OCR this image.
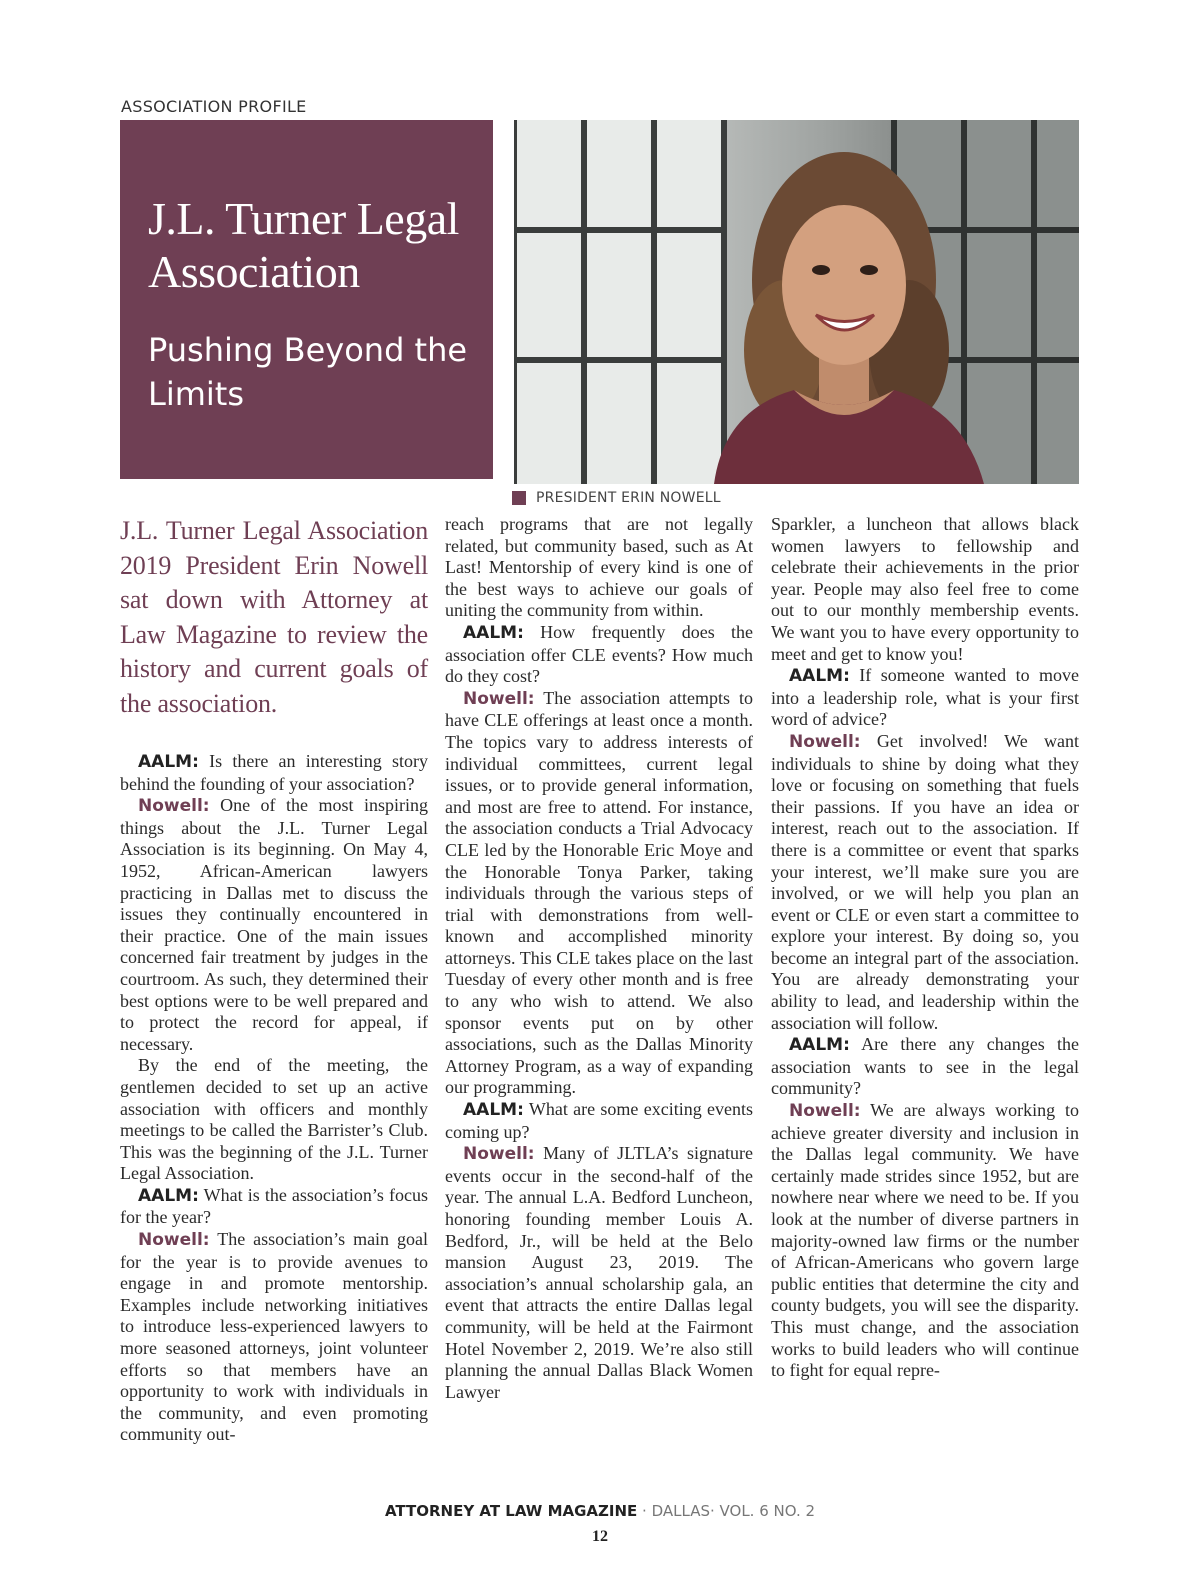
ASSOCIATION PROFILE
J.L. Turner Legal Association
Pushing Beyond the Limits
PRESIDENT ERIN NOWELL

J.L. Turner Legal Association 2019 President Erin Nowell sat down with Attorney at Law Magazine to review the history and current goals of the association.

AALM: Is there an interesting story behind the founding of your association?

Nowell: One of the most inspiring things about the J.L. Turner Legal Association is its beginning. On May 4, 1952, African-American lawyers practicing in Dallas met to discuss the issues they continually encountered in their practice. One of the main issues concerned fair treatment by judges in the courtroom. As such, they determined their best options were to be well prepared and to protect the record for appeal, if necessary.

By the end of the meeting, the gentlemen decided to set up an active association with officers and monthly meetings to be called the Barrister’s Club. This was the beginning of the J.L. Turner Legal Association.

AALM: What is the association’s focus for the year?

Nowell: The association’s main goal for the year is to provide avenues to engage in and promote mentorship. Examples include networking initiatives to introduce less-experienced lawyers to more seasoned attorneys, joint volunteer efforts so that members have an opportunity to work with individuals in the community, and even promoting community out-

reach programs that are not legally related, but community based, such as At Last! Mentorship of every kind is one of the best ways to achieve our goals of uniting the community from within.

AALM: How frequently does the association offer CLE events? How much do they cost?

Nowell: The association attempts to have CLE offerings at least once a month. The topics vary to address interests of individual committees, current legal issues, or to provide general information, and most are free to attend. For instance, the association conducts a Trial Advocacy CLE led by the Honorable Eric Moye and the Honorable Tonya Parker, taking individuals through the various steps of trial with demonstrations from well-known and accomplished minority attorneys. This CLE takes place on the last Tuesday of every other month and is free to any who wish to attend. We also sponsor events put on by other associations, such as the Dallas Minority Attorney Program, as a way of expanding our programming.

AALM: What are some exciting events coming up?

Nowell: Many of JLTLA’s signature events occur in the second-half of the year. The annual L.A. Bedford Luncheon, honoring founding member Louis A. Bedford, Jr., will be held at the Belo mansion August 23, 2019. The association’s annual scholarship gala, an event that attracts the entire Dallas legal community, will be held at the Fairmont Hotel November 2, 2019. We’re also still planning the annual Dallas Black Women Lawyer

Sparkler, a luncheon that allows black women lawyers to fellowship and celebrate their achievements in the prior year. People may also feel free to come out to our monthly membership events. We want you to have every opportunity to meet and get to know you!

AALM: If someone wanted to move into a leadership role, what is your first word of advice?

Nowell: Get involved! We want individuals to shine by doing what they love or focusing on something that fuels their passions. If you have an idea or interest, reach out to the association. If there is a committee or event that sparks your interest, we’ll make sure you are involved, or we will help you plan an event or CLE or even start a committee to explore your interest. By doing so, you become an integral part of the association. You are already demonstrating your ability to lead, and leadership within the association will follow.

AALM: Are there any changes the association wants to see in the legal community?

Nowell: We are always working to achieve greater diversity and inclusion in the Dallas legal community. We have certainly made strides since 1952, but are nowhere near where we need to be. If you look at the number of diverse partners in majority-owned law firms or the number of African-Americans who govern large public entities that determine the city and county budgets, you will see the disparity. This must change, and the association works to build leaders who will continue to fight for equal repre-

ATTORNEY AT LAW MAGAZINE · DALLAS· VOL. 6 NO. 2
12
